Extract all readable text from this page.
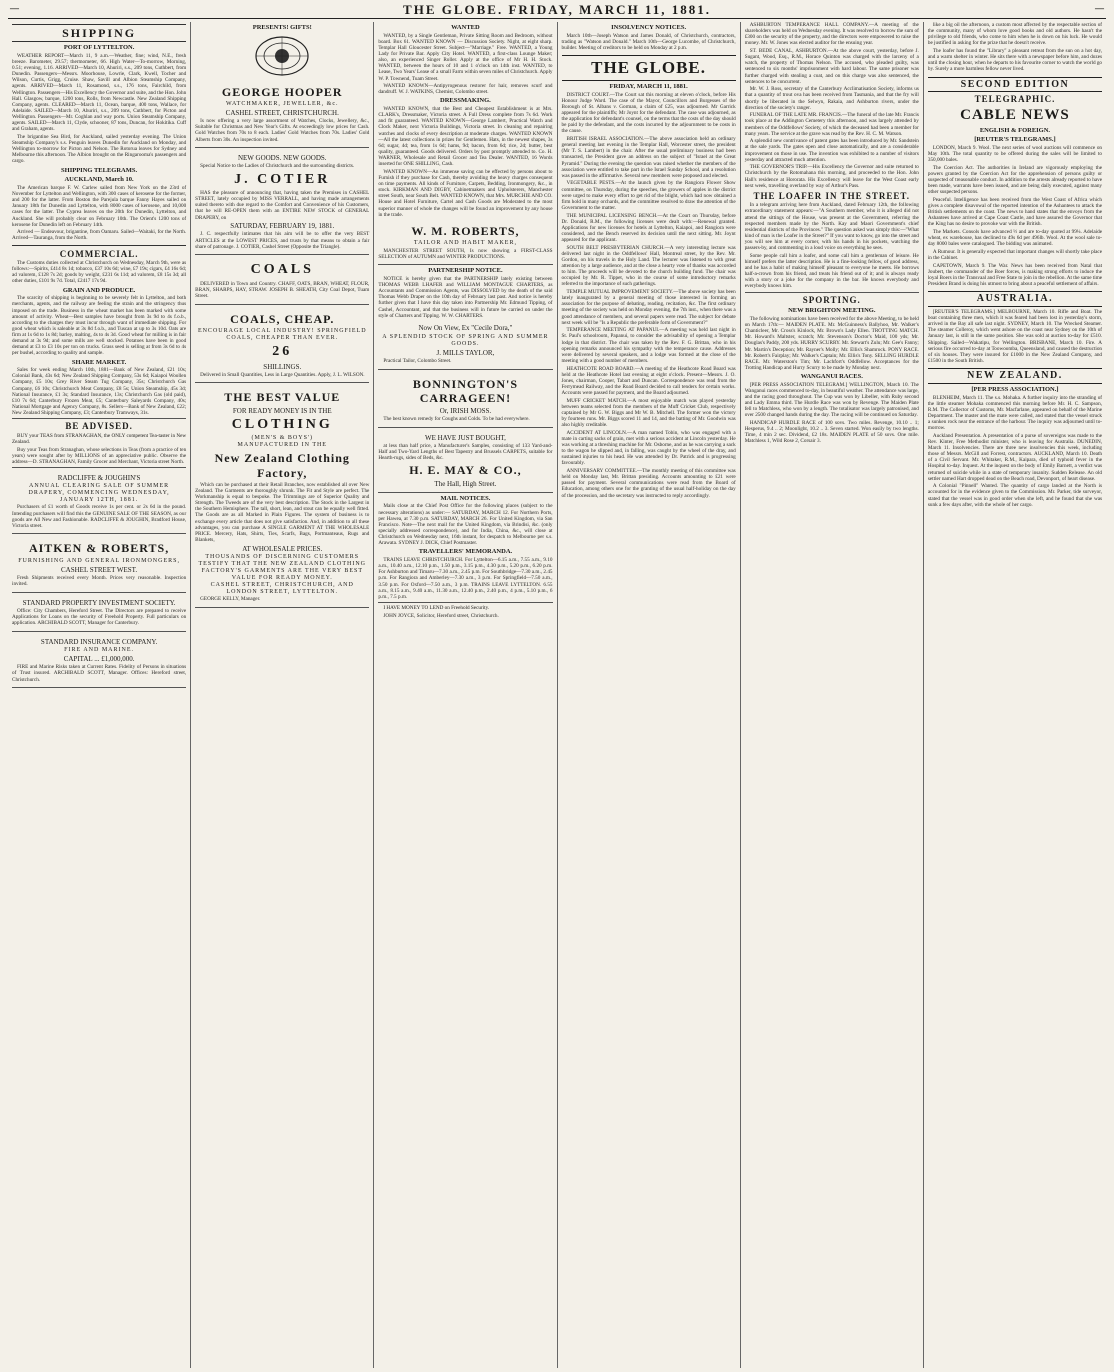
—	THE GLOBE. FRIDAY, MARCH 11, 1881.	—
SHIPPING
PORT OF LYTTELTON.

WEATHER REPORT—March 11, 9 a.m.—Weather, fine; wind, N.E., fresh breeze. Barometer, 29.57; thermometer, 66. High Water—To-morrow, Morning, 0.51; evening, 1.16. ARRIVED—March 10, Ahuriri, s.s., 209 tons, Cuthbert, from Dunedin. Passengers—Messrs. Moorhouse, Lowrie, Clark, Kwell, Tocher and Wilson, Curtis, Grigg, Cruise. Shaw, Savill and Albion Steamship Company, agents. ARRIVED—March 11, Rosamond, s.s., 176 tons, Fairchild, from Wellington. Passengers—His Excellency the Governor and suite, and the Hon. John Hall. Glasgow, barque, 1200 tons, Rolls, from Newcastle. New Zealand Shipping Company, agents. CLEARED—March 11, Ocean, barque, 400 tons, Wallace, for Adelaide. SAILED—March 10, Ahuriri, s.s., 209 tons, Cuthbert, for Picton and Wellington. Passengers—Mr. Coghlan and way ports. Union Steamship Company, agents. SAILED—March 11, Clyde, schooner, 87 tons, Duncan, for Hokitika. Cuff and Graham, agents.

The brigantine Sea Bird, for Auckland, sailed yesterday evening. The Union Steamship Company's s.s. Penguin leaves Dunedin for Auckland on Monday, and Wellington to-morrow for Picton and Nelson. The Rotorua leaves for Sydney and Melbourne this afternoon. The Albion brought on the Ringarooma's passengers and cargo.

SHIPPING TELEGRAMS.
AUCKLAND, March 10.

The American barque F. W. Carlew sailed from New York on the 23rd of November for Lyttelton and Wellington, with 300 cases of kerosene for the former, and 200 for the latter. From Boston the Parejula barque Fanny Hayes sailed on January 18th for Dunedin and Lyttelton, with 8000 cases of kerosene, and 10,000 cases for the latter. The Cyprea leaves on the 20th for Dunedin, Lyttelton, and Auckland. She will probably clear on February 10th. The Orient's 1200 tons of kerosene for Dunedin left on February 14th.

Arrived — Endeavour, brigantine, from Oamaru. Sailed—Waitaki, for the North. Arrived—Tauranga, from the North.

COMMERCIAL.

The Customs duties collected at Christchurch on Wednesday, March 9th, were as follows:—Spirits, £414 8s 1d; tobacco, £37 10s 6d; wine, £7 19s; cigars, £4 16s 6d; ad valorem, £128 7s 2d; goods by weight, £231 6s 11d; ad valorem, £8 15s 3d; all other duties, £101 9s 7d. Total, £2417 17s 9d.

GRAIN AND PRODUCE.

The scarcity of shipping is beginning to be severely felt in Lyttelton, and both merchants, agents, and the railway are feeling the strain and the stringency thus imposed on the trade. Business in the wheat market has been marked with some amount of activity. Wheat—Best samples have brought from 3s 9d to 4s f.o.b., according to the charges they must incur through want of immediate shipping. For good wheat which is saleable at 3s 8d f.o.b., and Tuscan at up to 3s 10d. Oats are firm at 1s 6d to 1s 8d; barley, malting, 4s to 4s 3d. Good wheat for milling is in fair demand at 3s 9d; and some mills are well stocked. Potatoes have been in good demand at £3 to £3 10s per ton on trucks. Grass seed is selling at from 3s 6d to 4s per bushel, according to quality and sample.

SHARE MARKET.

Sales for week ending March 10th, 1881—Bank of New Zealand, £21 10s; Colonial Bank, 43s 6d; New Zealand Shipping Company, 53s 6d; Kaiapoi Woollen Company, £5 10s; Grey River Steam Tug Company, 35s; Christchurch Gas Company, £6 10s; Christchurch Meat Company, £8 5s; Union Steamship, 45s 3d; National Insurance, £1 3s; Standard Insurance, 13s; Christchurch Gas (old paid), £10 7s 6d; Canterbury Frozen Meat, £5; Canterbury Saleyards Company, 40s; National Mortgage and Agency Company, 8s. Sellers—Bank of New Zealand, £22; New Zealand Shipping Company, £3; Canterbury Tramways, 31s.

BE ADVISED.

BUY your TEAS from STRANAGHAN, the ONLY competent Tea-taster in New Zealand.

Buy your Teas from Stranaghan, whose selections in Teas (from a practice of ten years) were sought after by MILLIONS of an appreciative public. Observe the address—D. STRANAGHAN, Family Grocer and Merchant, Victoria street North.

RADCLIFFE & JOUGHIN'S
ANNUAL CLEARING SALE OF SUMMER DRAPERY, COMMENCING WEDNESDAY, JANUARY 12TH, 1881.

Purchasers of £1 worth of Goods receive 1s per cent. or 2s 6d in the pound. Intending purchasers will find this the GENUINE SALE OF THE SEASON, as our goods are All New and Fashionable. RADCLIFFE & JOUGHIN, Bradford House, Victoria street.

AITKEN & ROBERTS,
FURNISHING AND GENERAL IRONMONGERS,
CASHEL STREET WEST.

Fresh Shipments received every Month. Prices very reasonable. Inspection invited.

STANDARD PROPERTY INVESTMENT SOCIETY.

Office: City Chambers, Hereford Street. The Directors are prepared to receive Applications for Loans on the security of Freehold Property. Full particulars on application. ARCHIBALD SCOTT, Manager for Canterbury.

STANDARD INSURANCE COMPANY.
FIRE AND MARINE.
CAPITAL ... £1,000,000.

FIRE and Marine Risks taken at Current Rates. Fidelity of Persons in situations of Trust insured. ARCHIBALD SCOTT, Manager. Offices: Hereford street, Christchurch.

PRESENTS! GIFTS!
GEORGE HOOPER
WATCHMAKER, JEWELLER, &c.
CASHEL STREET, CHRISTCHURCH.

Is now offering a very large assortment of Watches, Clocks, Jewellery, &c., Suitable for Christmas and New Year's Gifts. At exceedingly low prices for Cash. Gold Watches from 70s to 8 each. Ladies' Gold Watches from 70s. Ladies' Gold Alberts from 30s. An inspection invited.

NEW GOODS. NEW GOODS.

Special Notice to the Ladies of Christchurch and the surrounding districts.

J. COTIER

HAS the pleasure of announcing that, having taken the Premises in CASHEL STREET, lately occupied by MISS VERRALL, and having made arrangements suited thereto with due regard to the Comfort and Convenience of his Customers, that he will RE-OPEN them with an ENTIRE NEW STOCK of GENERAL DRAPERY, on

SATURDAY, FEBRUARY 19, 1881.

J. C. respectfully intimates that his aim will be to offer the very BEST ARTICLES at the LOWEST PRICES, and trusts by that means to obtain a fair share of patronage. J. COTIER, Cashel Street (Opposite the Triangle).

COALS

DELIVERED in Town and Country. CHAFF, OATS, BRAN, WHEAT, FLOUR, BRAN, SHARPS, HAY, STRAW. JOSEPH B. SHEATH, City Coal Depot, Tuam Street.

COALS, CHEAP.
ENCOURAGE LOCAL INDUSTRY! SPRINGFIELD COALS, CHEAPER THAN EVER.
26
SHILLINGS.

Delivered in Small Quantities, Less in Large Quantities. Apply, J. L. WILSON.

THE BEST VALUE
FOR READY MONEY IS IN THE
CLOTHING
(MEN'S & BOYS')
MANUFACTURED IN THE
New Zealand Clothing Factory,

Which can be purchased at their Retail Branches, now established all over New Zealand. The Garments are thoroughly shrunk. The Fit and Style are perfect. The Workmanship is equal to bespoke. The Trimmings are of Superior Quality and Strength. The Tweeds are of the very best description. The Stock in the Largest in the Southern Hemisphere. The tall, short, lean, and stout can be equally well fitted. The Goods are as all Marked in Plain Figures. The system of business is to exchange every article that does not give satisfaction. And, in addition to all these advantages, you can purchase A SINGLE GARMENT AT THE WHOLESALE PRICE. Mercery, Hats, Shirts, Ties, Scarfs, Bags, Portmanteaus, Rugs and Blankets,

AT WHOLESALE PRICES.
THOUSANDS OF DISCERNING CUSTOMERS TESTIFY THAT THE NEW ZEALAND CLOTHING FACTORY'S GARMENTS ARE THE VERY BEST VALUE FOR READY MONEY.
CASHEL STREET, CHRISTCHURCH, AND LONDON STREET, LYTTELTON.

GEORGE KELLY, Manager.

WANTED

WANTED, by a Single Gentleman, Private Sitting Room and Bedroom, without board. Box 61. WANTED KNOWN — Discussion Society. Night, at eight sharp. Templar Hall Gloucester Street. Subject—"Marriage." Free. WANTED, a Young Lady for Private Bar. Apply City Hotel. WANTED, a first-class Lounge Maker; also, an experienced Singer Roller. Apply at the office of Mr H. H. Stock. WANTED, between the hours of 10 and 1 o'clock on 14th inst. WANTED, to Lease, Two Years' Lease of a small Farm within seven miles of Christchurch. Apply W. P. Townend, Tuam Street.

WANTED KNOWN—Antipyrogenous restorer for hair, removes scurf and dandruff. W. J. WATKINS, Chemist, Colombo street.

DRESSMAKING.

WANTED KNOWN, that the Best and Cheapest Establishment is at Mrs. CLARK's, Dressmaker, Victoria street. A Full Dress complete from 7s 6d. Work and fit guaranteed. WANTED KNOWN—George Lambert, Practical Watch and Clock Maker, next Victoria Buildings, Victoria street. In cleaning and repairing watches and clocks of every description at moderate charges. WANTED KNOWN—All the latest collections in prizes for Gentlemen. Hats, in the newest shapes, 3s 6d; sugar, 4d; tea, from 1s 6d; hams, 9d; bacon, from 6d; rice, 2d; butter, best quality, guaranteed. Goods delivered. Orders by post promptly attended to. Co. H. WARNER, Wholesale and Retail Grocer and Tea Dealer. WANTED, 16 Words inserted for ONE SHILLING, Cash.

WANTED KNOWN—An immense saving can be effected by persons about to Furnish if they purchase for Cash, thereby avoiding the heavy charges consequent on time payments. All kinds of Furniture, Carpets, Bedding, Ironmongery, &c., in stock. KIRKMAN AND DIGBY, Cabinetmakers and Upholsterers, Manchester street South, near South Belt. WANTED KNOWN, that Mrs. MURCHIE AND CO. House and Hotel Furniture, Cartel and Cash Goods are Moderated to the most superior manner of whole the changes will be found an improvement by any house in the trade.

W. M. ROBERTS,
TAILOR AND HABIT MAKER,

MANCHESTER STREET SOUTH, Is now showing a FIRST-CLASS SELECTION of AUTUMN and WINTER PRODUCTIONS.

PARTNERSHIP NOTICE.

NOTICE is hereby given that the PARTNERSHIP lately existing between THOMAS WEBB LHAFER and WILLIAM MONTAGUE CHARTERS, as Accountants and Commission Agents, was DISSOLVED by the death of the said Thomas Webb Draper on the 10th day of February last past. And notice is hereby further given that I have this day taken into Partnership Mr. Edmund Tipping, of Cashel, Accountant, and that the business will in future be carried on under the style of Charters and Tipping. W. W. CHARTERS.

Now On View, Ex "Cecile Dora,"
A SPLENDID STOCK OF SPRING AND SUMMER GOODS.
J. MILLS TAYLOR,

Practical Tailor, Colombo Street.

BONNINGTON'S CARRAGEEN!
Or, IRISH MOSS.

The best known remedy for Coughs and Colds. To be had everywhere.

WE HAVE JUST BOUGHT,

at less than half price, a Manufacturer's Samples, consisting of 133 Yard-and-Half and Two-Yard Lengths of Best Tapestry and Brussels CARPETS, suitable for Hearth-rugs, sides of Beds, &c.

H. E. MAY & CO.,
The Hall, High Street.
MAIL NOTICES.

Mails close at the Chief Post Office for the following places (subject to the necessary alterations) as under:— SATURDAY, MARCH 12. For Northern Ports, per Hawea, at 7.30 p.m. SATURDAY, MARCH 26. For United Kingdom, via San Francisco. Note—The next mail for the United Kingdom, via Brindisi, &c. (only specially addressed correspondence), and for India, China, &c., will close at Christchurch on Wednesday next, 16th instant, for despatch to Melbourne per s.s. Arawata. SYDNEY J. DICK, Chief Postmaster.

TRAVELLERS' MEMORANDA.

TRAINS LEAVE CHRISTCHURCH. For Lyttelton—6.15 a.m., 7.55 a.m., 9.10 a.m., 10.40 a.m., 12.10 p.m., 1.50 p.m., 3.15 p.m., 4.30 p.m., 5.20 p.m., 6.20 p.m. For Ashburton and Timaru—7.30 a.m., 2.45 p.m. For Southbridge—7.30 a.m., 2.45 p.m. For Rangiora and Amberley—7.30 a.m., 3 p.m. For Springfield—7.50 a.m., 3.50 p.m. For Oxford—7.50 a.m., 3 p.m. TRAINS LEAVE LYTTELTON. 6.55 a.m., 8.15 a.m., 9.40 a.m., 11.30 a.m., 12.40 p.m., 2.40 p.m., 4 p.m., 5.10 p.m., 6 p.m., 7.5 p.m.

I HAVE MONEY TO LEND on Freehold Security.

JOHN JOYCE, Solicitor, Hereford street, Christchurch.

INSOLVENCY NOTICES.

March 10th—Joseph Watson and James Donald, of Christchurch, contractors, trading as "Watson and Donald." March 10th—George Lucombe, of Christchurch, builder. Meeting of creditors to be held on Monday at 2 p.m.

THE GLOBE.
FRIDAY, MARCH 11, 1881.

DISTRICT COURT.—The Court sat this morning at eleven o'clock, before His Honour Judge Ward. The case of the Mayor, Councillors and Burgesses of the Borough of St. Albans v. Gorman, a claim of £25, was adjourned. Mr Garrick appeared for the plaintiffs; Mr Joynt for the defendant. The case was adjourned, as the application for defendant's counsel, on the terms that the costs of the day should be paid by the defendant, and the costs incurred by the adjournment to be costs in the cause.

BRITISH ISRAEL ASSOCIATION.—The above association held an ordinary general meeting last evening in the Templar Hall, Worcester street, the president (Mr T. S. Lambert) in the chair. After the usual preliminary business had been transacted, the President gave an address on the subject of "Israel at the Great Pyramid." During the evening the question was raised whether the members of the association were entitled to take part in the Israel Sunday School, and a resolution was passed in the affirmative. Several new members were proposed and elected.

VEGETABLE PESTS.—At the launch given by the Rangiora Flower Show committee, on Thursday, during the speeches, the growers of apples in the district were urged to make every effort to get rid of the blight, which had now obtained a firm hold in many orchards, and the committee resolved to draw the attention of the Government to the matter.

THE MUNICIPAL LICENSING BENCH.—At the Court on Thursday, before Dr. Donald, R.M., the following licenses were dealt with:—Renewal granted. Applications for new licenses for hotels at Lyttelton, Kaiapoi, and Rangiora were considered, and the Bench reserved its decision until the next sitting. Mr. Joynt appeared for the applicant.

SOUTH BELT PRESBYTERIAN CHURCH.—A very interesting lecture was delivered last night in the Oddfellows' Hall, Montreal street, by the Rev. Mr. Gordon, on his travels in the Holy Land. The lecturer was listened to with great attention by a large audience, and at the close a hearty vote of thanks was accorded to him. The proceeds will be devoted to the church building fund. The chair was occupied by Mr. R. Tippet, who in the course of some introductory remarks referred to the importance of such gatherings.

TEMPLE MUTUAL IMPROVEMENT SOCIETY.—The above society has been lately inaugurated by a general meeting of those interested in forming an association for the purpose of debating, reading, recitation, &c. The first ordinary meeting of the society was held on Monday evening, the 7th inst., when there was a good attendance of members, and several papers were read. The subject for debate next week will be "Is a Republic the preferable form of Government?"

TEMPERANCE MEETING AT PAPANUI.—A meeting was held last night in St. Paul's schoolroom, Papanui, to consider the advisability of opening a Templar lodge in that district. The chair was taken by the Rev. F. G. Brittan, who in his opening remarks announced his sympathy with the temperance cause. Addresses were delivered by several speakers, and a lodge was formed at the close of the meeting with a good number of members.

HEATHCOTE ROAD BOARD.—A meeting of the Heathcote Road Board was held at the Heathcote Hotel last evening at eight o'clock. Present—Messrs. J. O. Jones, chairman, Cooper, Tabart and Duncan. Correspondence was read from the Ferrymead Railway, and the Road Board decided to call tenders for certain works. Accounts were passed for payment, and the Board adjourned.

MUFF CRICKET MATCH.—A most enjoyable match was played yesterday between teams selected from the members of the Muff Cricket Club, respectively captained by Mr G. W. Biggs and Mr W. B. Mitchell. The former won the victory by fourteen runs. Mr. Biggs scored 11 and 14, and the batting of Mr. Goodwin was also highly creditable.

ACCIDENT AT LINCOLN.—A man named Tobin, who was engaged with a mate in carting sacks of grain, met with a serious accident at Lincoln yesterday. He was working at a threshing machine for Mr. Osborne, and as he was carrying a sack to the wagon he slipped and, in falling, was caught by the wheel of the dray, and sustained injuries to his head. He was attended by Dr. Patrick and is progressing favourably.

ANNIVERSARY COMMITTEE.—The monthly meeting of this committee was held on Monday last, Mr. Brittan presiding. Accounts amounting to £21 were passed for payment. Several communications were read from the Board of Education, among others one for the granting of the usual half-holiday on the day of the procession, and the secretary was instructed to reply accordingly.

ASHBURTON TEMPERANCE HALL COMPANY.—A meeting of the shareholders was held on Wednesday evening. It was resolved to borrow the sum of £300 on the security of the property, and the directors were empowered to raise the money. Mr. W. Jones was elected auditor for the ensuing year.

ST. BEDE CANAL, ASHBURTON.—At the above court, yesterday, before J. Sugant, Wood, Esq., R.M., Horace Quinton was charged with the larceny of a watch, the property of Thomas Nelson. The accused, who pleaded guilty, was sentenced to six months' imprisonment with hard labour. The same prisoner was further charged with stealing a coat, and on this charge was also sentenced, the sentences to be concurrent.

Mr. W. J. Ross, secretary of the Canterbury Acclimatisation Society, informs us that a quantity of trout ova has been received from Tasmania, and that the fry will shortly be liberated in the Selwyn, Rakaia, and Ashburton rivers, under the direction of the society's ranger.

FUNERAL OF THE LATE MR. FRANCIS.—The funeral of the late Mr. Francis took place at the Addington Cemetery this afternoon, and was largely attended by members of the Oddfellows' Society, of which the deceased had been a member for many years. The service at the grave was read by the Rev. H. C. M. Watson.

A splendid new contrivance of patent gates has been introduced by Mr. Sandstein at the sale yards. The gates open and close automatically, and are a considerable improvement on those in use. The invention was exhibited to a number of visitors yesterday and attracted much attention.

THE GOVERNOR'S TRIP.—His Excellency the Governor and suite returned to Christchurch by the Rotomahana this morning, and proceeded to the Hon. John Hall's residence at Hororata. His Excellency will leave for the West Coast early next week, travelling overland by way of Arthur's Pass.

THE LOAFER IN THE STREET.

In a telegram arriving here from Auckland, dated February 12th, the following extraordinary statement appears:—"A Southern member, who it is alleged did not attend the sittings of the House, was present at the Government, referring the respected members made by the North. Kay and Maori Government's chief residential districts of the Provinces." The question asked was simply this:—"What kind of man is the Loafer in the Street?" If you want to know, go into the street and you will see him at every corner, with his hands in his pockets, watching the passers-by, and commenting in a loud voice on everything he sees.

Some people call him a loafer, and some call him a gentleman of leisure. He himself prefers the latter description. He is a fine-looking fellow, of good address, and he has a habit of making himself pleasant to everyone he meets. He borrows half-a-crown from his friend, and treats his friend out of it; and is always ready with a story or a joke for the company in the bar. He knows everybody and everybody knows him.

SPORTING.
NEW BRIGHTON MEETING.

The following nominations have been received for the above Meeting, to be held on March 17th:— MAIDEN PLATE. Mr. McGuinness's Ballyhoo, Mr. Walker's Chanticleer, Mr. Cross's Kinlock, Mr. Brown's Lady Ellen. TROTTING MATCH. Mr. Howard's Maltster, scratch; Mr. Stevenson's Doctor's Maid, 100 yds; Mr. Douglas's Paddy, 200 yds. HURRY SCURRY. Mr. Stewart's Zulu; Mr. Gee's Fanny; Mr. Martin's Deception; Mr. Rayner's Molly; Mr. Ellis's Shamrock. PONY RACE. Mr. Robert's Fairplay; Mr. Walker's Captain; Mr. Ellis's Tony. SELLING HURDLE RACE. Mr. Waterston's Tim; Mr. Lachfort's Oddfellow. Acceptances for the Trotting Handicap and Hurry Scurry to be made by Monday next.

WANGANUI RACES.

[PER PRESS ASSOCIATION TELEGRAM.] WELLINGTON, March 10. The Wanganui races commenced to-day, in beautiful weather. The attendance was large, and the racing good throughout. The Cup was won by Libeller, with Ruby second and Lady Emma third. The Hurdle Race was won by Revenge. The Maiden Plate fell to Matchless, who won by a length. The totalisator was largely patronised, and over 2500 changed hands during the day. The racing will be continued on Saturday.

HANDICAP HURDLE RACE of 100 sovs. Two miles. Revenge, 10.10 .. 1; Hesperus, 9.4 .. 2; Moonlight, 10.2 .. 3. Seven started. Won easily by two lengths. Time, 4 min 2 sec. Dividend, £2 18s. MAIDEN PLATE of 50 sovs. One mile. Matchless 1, Wild Rose 2, Corsair 3.

like a big oil the afternoon, a custom most affected by the respectable section of the community, many of whom love good books and old authors. He hasn't the privilege to old friends, who come to him when he is down on his luck. He would be justified in asking for the prize that he doesn't receive.

The loafer has found the "Library" a pleasant retreat from the sun on a hot day, and a warm shelter in winter. He sits there with a newspaper before him, and dozes until the closing hour, when he departs to his favourite corner to watch the world go by. Surely a more harmless fellow never lived.

SECOND EDITION
TELEGRAPHIC.
CABLE NEWS
ENGLISH & FOREIGN.
[REUTER'S TELEGRAMS.]

LONDON, March 9. Wool. The next series of wool auctions will commence on May 10th. The total quantity to be offered during the sales will be limited to 350,000 bales.

The Coercion Act. The authorities in Ireland are vigorously employing the powers granted by the Coercion Act for the apprehension of persons guilty or suspected of treasonable conduct. In addition to the arrests already reported to have been made, warrants have been issued, and are being daily executed, against many other suspected persons.

Peaceful. Intelligence has been received from the West Coast of Africa which gives a complete disavowal of the reported intention of the Ashantees to attack the British settlements on the coast. The news to hand states that the envoys from the Ashantees have arrived at Cape Coast Castle, and have assured the Governor that the King has no desire to provoke war with the British.

The Markets. Consols have advanced ½ and are to-day quoted at 99¼. Adelaide wheat, ex warehouse, has declined to 49s 6d per 496lb. Wool. At the wool sale to-day 8000 bales were catalogued. The bidding was animated.

A Rumour. It is generally expected that important changes will shortly take place in the Cabinet.

CAPETOWN, March 9. The War. News has been received from Natal that Joubert, the commander of the Boer forces, is making strong efforts to induce the loyal Boers in the Transvaal and Free State to join in the rebellion. At the same time President Brand is doing his utmost to bring about a peaceful settlement of affairs.

AUSTRALIA.

[REUTER'S TELEGRAMS.] MELBOURNE, March 10. Rifle and Boat. The boat containing three men, which it was feared had been lost in yesterday's storm, arrived in the Bay all safe last night. SYDNEY, March 10. The Wrecked Steamer. The steamer Colleroy, which went ashore on the coast near Sydney on the 10th of January last, is still in the same position. She was sold at auction to-day for £510. Shipping. Sailed—Wakatipu, for Wellington. BRISBANE, March 10. Fire. A serious fire occurred to-day at Toowoomba, Queensland, and caused the destruction of six houses. They were insured for £1000 in the New Zealand Company, and £1500 in the South British.

NEW ZEALAND.
[PER PRESS ASSOCIATION.]

BLENHEIM, March 11. The s.s. Mohaka. A further inquiry into the stranding of the little steamer Mohaka commenced this morning before Mr. H. C. Sampson, R.M. The Collector of Customs, Mr. Macfarlane, appeared on behalf of the Marine Department. The master and the mate were called, and stated that the vessel struck a sunken rock near the entrance of the harbour. The inquiry was adjourned until to-morrow.

Auckland Presentation. A presentation of a purse of sovereigns was made to the Rev. Kinter, Free Methodist minister, who is leaving for Australia. DUNEDIN, March 11. Insolvencies. There are three new insolvencies this week, including those of Messrs. McGill and Forrest, contractors. AUCKLAND, March 10. Death of a Civil Servant. Mr. Whitaker, R.M., Kaipara, died of typhoid fever in the Hospital to-day. Inquest. At the inquest on the body of Emily Barnett, a verdict was returned of suicide while in a state of temporary insanity. Sudden Release. An old settler named Hart dropped dead on the Beach road, Devonport, of heart disease.

A Colonial "Pinnell" Wanted. The quantity of cargo landed at the North is accounted for in the evidence given to the Commission. Mr. Parker, tide surveyor, stated that the vessel was in good order when she left, and he found that she was sunk a few days after, with the whole of her cargo.
